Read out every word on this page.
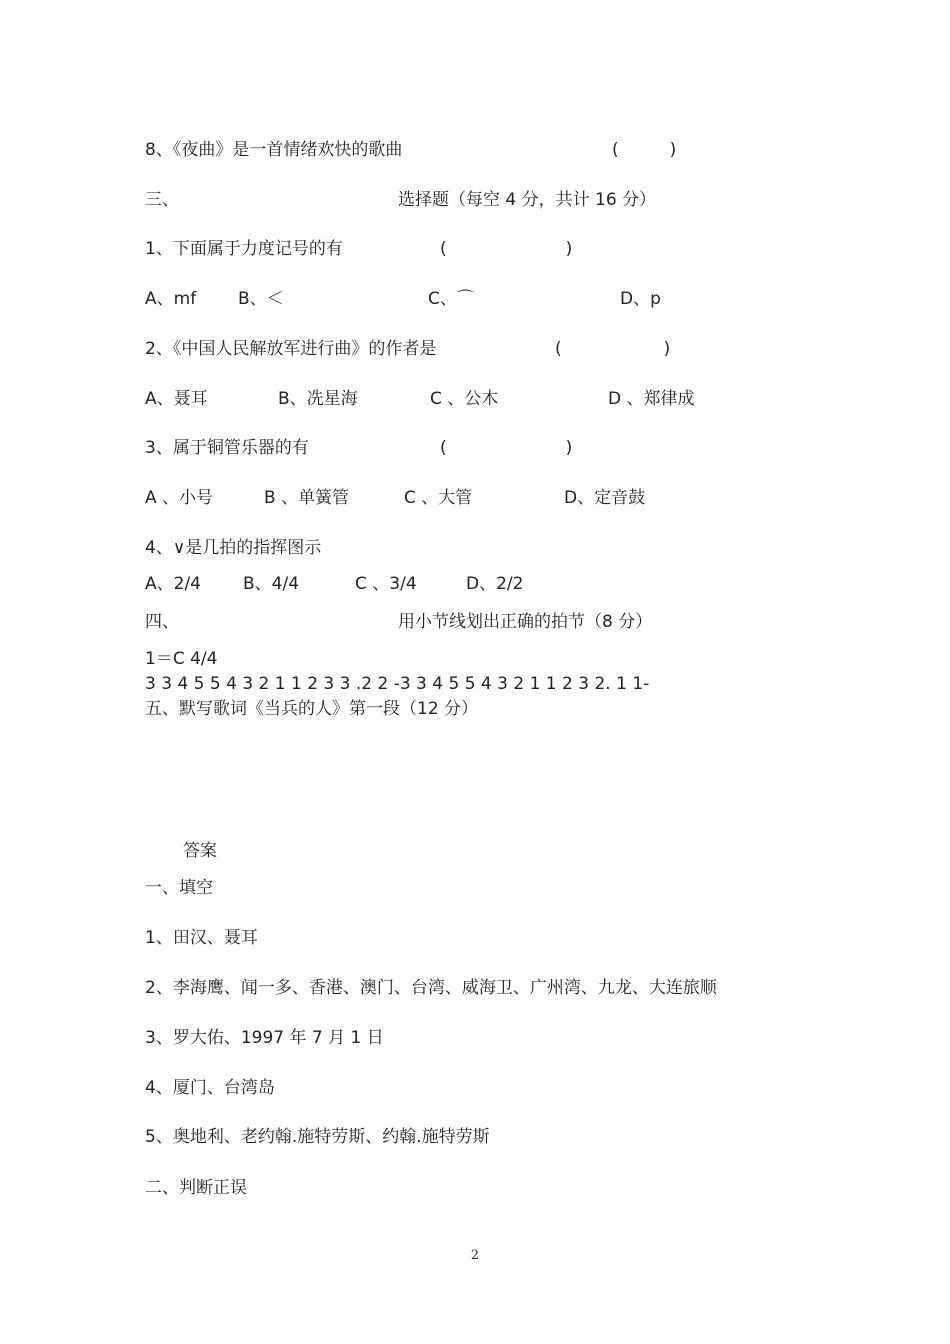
8、《夜曲》是一首情绪欢快的歌曲	(　　　)
三、	选择题（每空 4 分，共计 16 分）
1、下面属于力度记号的有	(　　　　　　　)
A、mf B、＜	C、⌒	D、p
2、《中国人民解放军进行曲》的作者是	(　　　　　　)
A、聂耳	B、冼星海	C 、公木	D 、郑律成
3、属于铜管乐器的有	(　　　　　　　)
A 、小号	B 、单簧管	C 、大管	D、定音鼓
4、∨是几拍的指挥图示
A、2/4 B、4/4	C 、3/4	D、2/2
四、	用小节线划出正确的拍节（8 分）
1＝C 4/4
3 3 4 5 5 4 3 2 1 1 2 3 3 .2 2 -3 3 4 5 5 4 3 2 1 1 2 3 2. 1 1-
五、默写歌词《当兵的人》第一段（12 分）
答案
一、填空
1、田汉、聂耳
2、李海鹰、闻一多、香港、澳门、台湾、威海卫、广州湾、九龙、大连旅顺
3、罗大佑、1997 年 7 月 1 日
4、厦门、台湾岛
5、奥地利、老约翰.施特劳斯、约翰.施特劳斯
二、判断正误
2
